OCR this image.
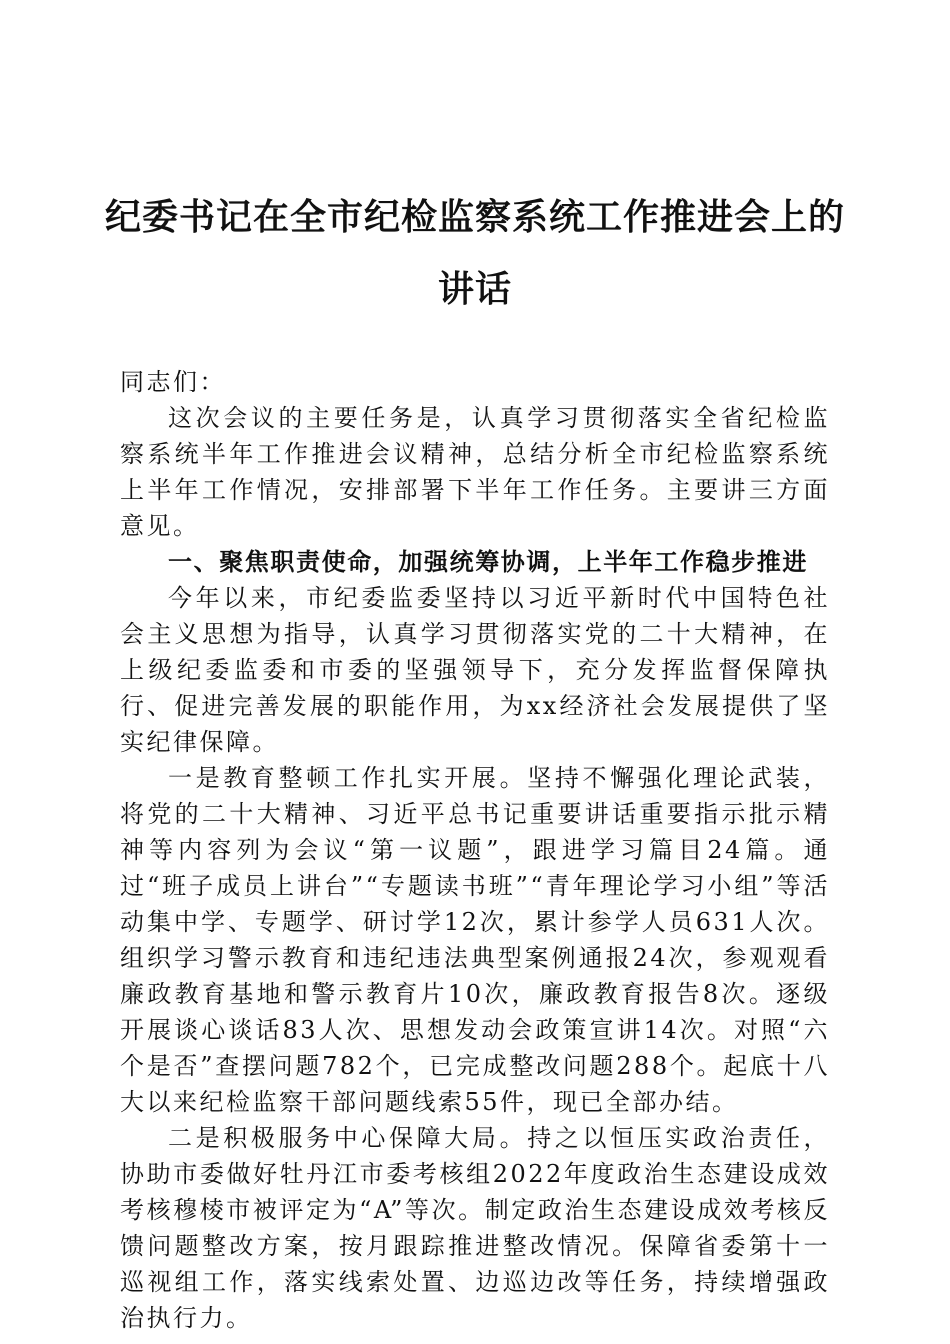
纪委书记在全市纪检监察系统工作推进会上的
讲话

同志们：

这次会议的主要任务是，认真学习贯彻落实全省纪检监察系统半年工作推进会议精神，总结分析全市纪检监察系统上半年工作情况，安排部署下半年工作任务。主要讲三方面意见。

一、聚焦职责使命，加强统筹协调，上半年工作稳步推进

今年以来，市纪委监委坚持以习近平新时代中国特色社会主义思想为指导，认真学习贯彻落实党的二十大精神，在上级纪委监委和市委的坚强领导下，充分发挥监督保障执行、促进完善发展的职能作用，为xx经济社会发展提供了坚实纪律保障。

一是教育整顿工作扎实开展。坚持不懈强化理论武装，将党的二十大精神、习近平总书记重要讲话重要指示批示精神等内容列为会议“第一议题”，跟进学习篇目24篇。通过“班子成员上讲台”“专题读书班”“青年理论学习小组”等活动集中学、专题学、研讨学12次，累计参学人员631人次。组织学习警示教育和违纪违法典型案例通报24次，参观观看廉政教育基地和警示教育片10次，廉政教育报告8次。逐级开展谈心谈话83人次、思想发动会政策宣讲14次。对照“六个是否”查摆问题782个，已完成整改问题288个。起底十八大以来纪检监察干部问题线索55件，现已全部办结。

二是积极服务中心保障大局。持之以恒压实政治责任，协助市委做好牡丹江市委考核组2022年度政治生态建设成效考核穆棱市被评定为“A”等次。制定政治生态建设成效考核反馈问题整改方案，按月跟踪推进整改情况。保障省委第十一巡视组工作，落实线索处置、边巡边改等任务，持续增强政治执行力。
